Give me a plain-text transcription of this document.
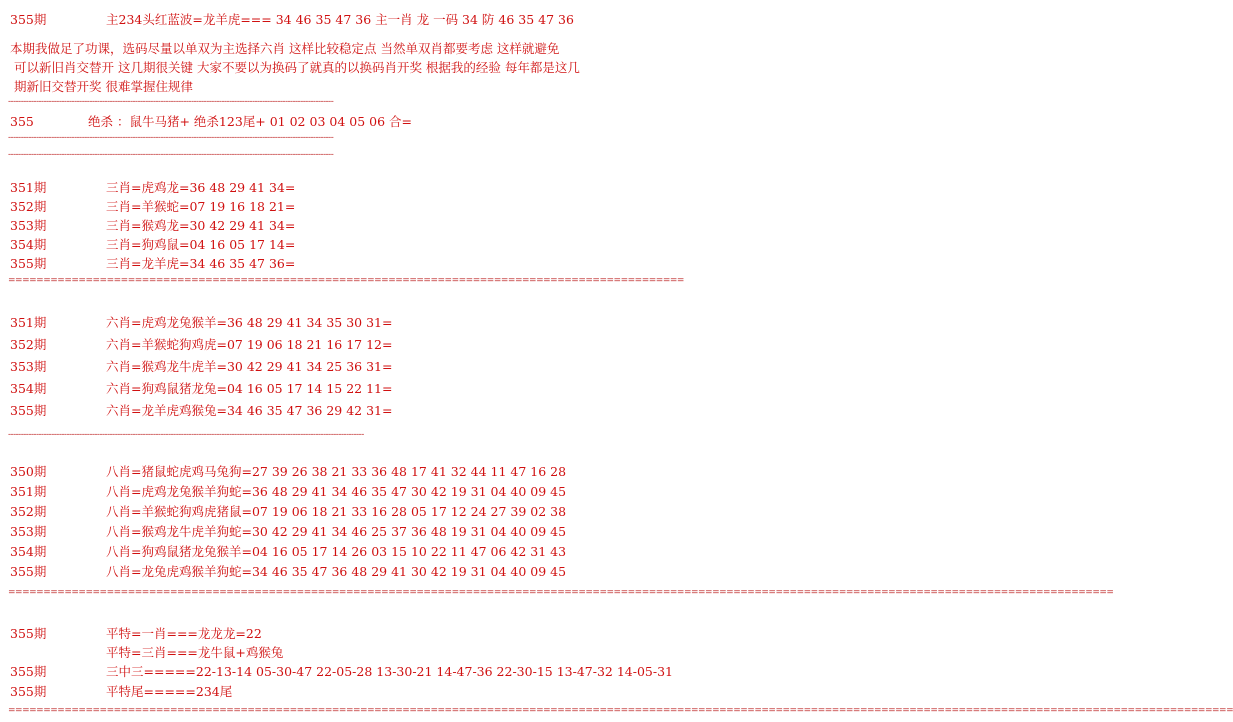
355期	主234头红蓝波=龙羊虎=== 34 46 35 47 36 主一肖 龙 一码 34 防 46 35 47 36
本期我做足了功课，选码尽量以单双为主选择六肖 这样比较稳定点 当然单双肖都要考虑 这样就避免
可以新旧肖交替开 这几期很关键 大家不要以为换码了就真的以换码肖开奖 根据我的经验 每年都是这几
期新旧交替开奖 很难掌握住规律
--------------------------------------------------------------------------------------------------------------------------------
355	绝杀 ：鼠牛马猪+ 绝杀123尾+ 01 02 03 04 05 06 合=
--------------------------------------------------------------------------------------------------------------------------------
--------------------------------------------------------------------------------------------------------------------------------
351期	三肖=虎鸡龙=36 48 29 41 34=
352期	三肖=羊猴蛇=07 19 16 18 21=
353期	三肖=猴鸡龙=30 42 29 41 34=
354期	三肖=狗鸡鼠=04 16 05 17 14=
355期	三肖=龙羊虎=34 46 35 47 36=
================================================================================================
351期	六肖=虎鸡龙兔猴羊=36 48 29 41 34 35 30 31=
352期	六肖=羊猴蛇狗鸡虎=07 19 06 18 21 16 17 12=
353期	六肖=猴鸡龙牛虎羊=30 42 29 41 34 25 36 31=
354期	六肖=狗鸡鼠猪龙兔=04 16 05 17 14 15 22 11=
355期	六肖=龙羊虎鸡猴兔=34 46 35 47 36 29 42 31=
--------------------------------------------------------------------------------------------------------------------------------------------
350期	八肖=猪鼠蛇虎鸡马兔狗=27 39 26 38 21 33 36 48 17 41 32 44 11 47 16 28
351期	八肖=虎鸡龙兔猴羊狗蛇=36 48 29 41 34 46 35 47 30 42 19 31 04 40 09 45
352期	八肖=羊猴蛇狗鸡虎猪鼠=07 19 06 18 21 33 16 28 05 17 12 24 27 39 02 38
353期	八肖=猴鸡龙牛虎羊狗蛇=30 42 29 41 34 46 25 37 36 48 19 31 04 40 09 45
354期	八肖=狗鸡鼠猪龙兔猴羊=04 16 05 17 14 26 03 15 10 22 11 47 06 42 31 43
355期	八肖=龙兔虎鸡猴羊狗蛇=34 46 35 47 36 48 29 41 30 42 19 31 04 40 09 45
=============================================================================================================================================================
355期	平特=一肖===龙龙龙=22
平特=三肖===龙牛鼠+鸡猴兔
355期	三中三=====22-13-14 05-30-47 22-05-28 13-30-21 14-47-36 22-30-15 13-47-32 14-05-31
355期	平特尾=====234尾
==============================================================================================================================================================================
